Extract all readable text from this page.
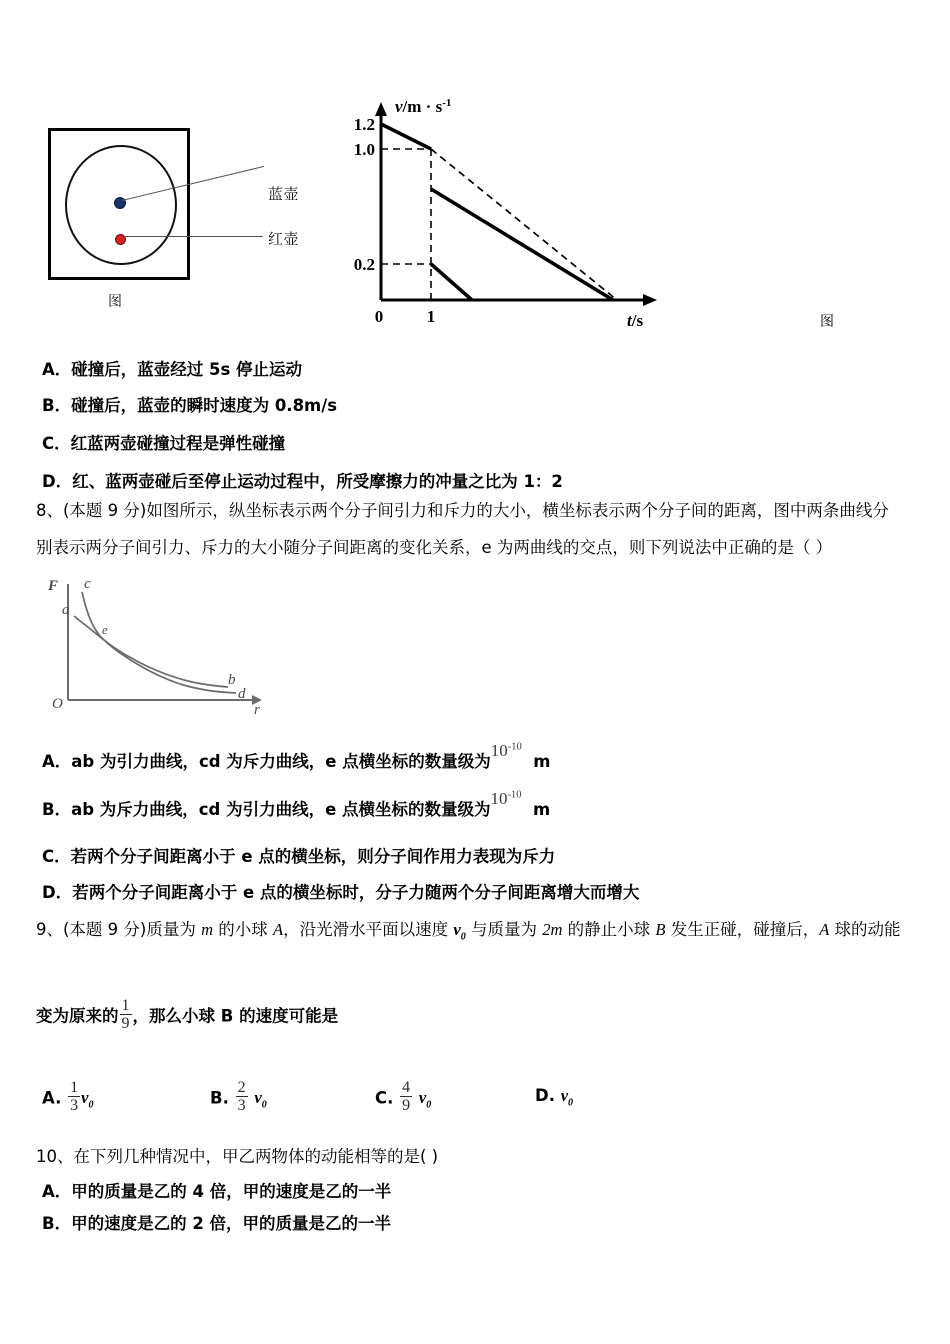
蓝壶
红壶
图
1.2
1.0
0.2
0	1
$v/m \cdot s^{-1}$
t/s	图
A．碰撞后，蓝壶经过 5s 停止运动
B．碰撞后，蓝壶的瞬时速度为 0.8m/s
C．红蓝两壶碰撞过程是弹性碰撞
D．红、蓝两壶碰后至停止运动过程中，所受摩擦力的冲量之比为 1：2
8、(本题 9 分)如图所示，纵坐标表示两个分子间引力和斥力的大小，横坐标表示两个分子间的距离，图中两条曲线分
别表示两分子间引力、斥力的大小随分子间距离的变化关系，e 为两曲线的交点，则下列说法中正确的是（ ）
F c
a
e
b
d
O	r
A．ab 为引力曲线，cd 为斥力曲线，e 点横坐标的数量级为$10^{-10}$  m
B．ab 为斥力曲线，cd 为引力曲线，e 点横坐标的数量级为$10^{-10}$  m
C．若两个分子间距离小于 e 点的横坐标，则分子间作用力表现为斥力
D．若两个分子间距离小于 e 点的横坐标时，分子力随两个分子间距离增大而增大
9、(本题 9 分)质量为 m 的小球 A，沿光滑水平面以速度 $v_0$ 与质量为 2m 的静止小球 B 发生正碰，碰撞后，A 球的动能
变为原来的 $\frac{1}{9}$ ，那么小球 B 的速度可能是
A. $\frac{1}{3} v_0$	B. $\frac{2}{3} v_0$	C. $\frac{4}{9} v_0$
D. $v_0$
10、在下列几种情况中，甲乙两物体的动能相等的是( )
A．甲的质量是乙的 4 倍，甲的速度是乙的一半
B．甲的速度是乙的 2 倍，甲的质量是乙的一半
